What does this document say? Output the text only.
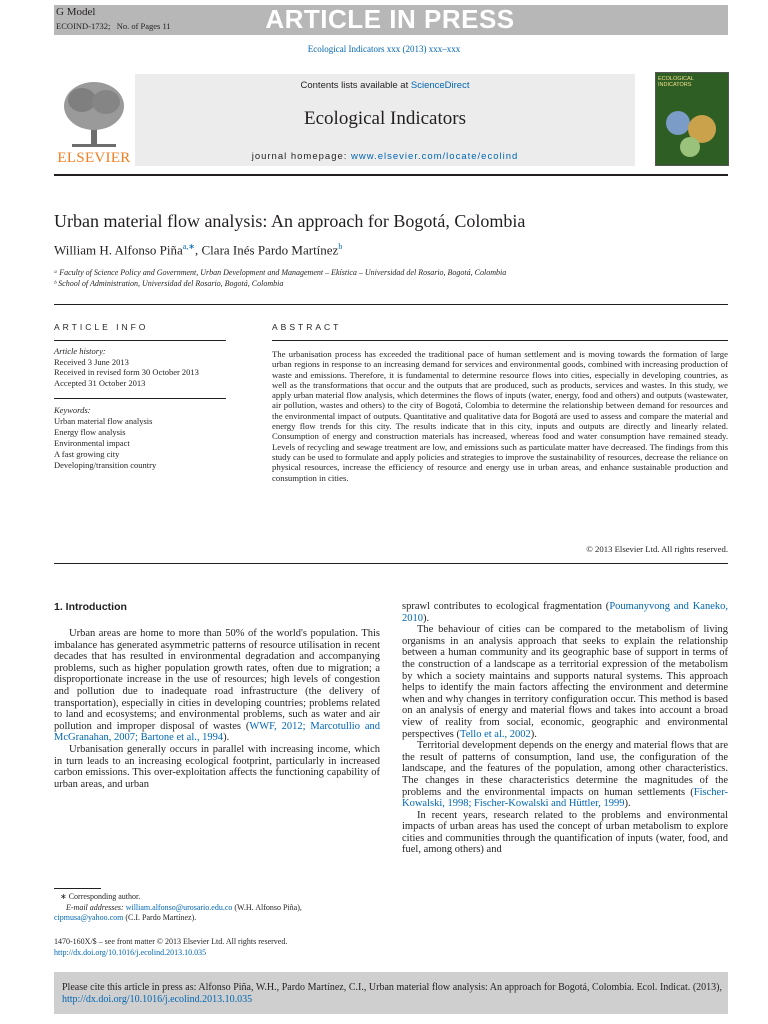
G Model
ECOIND-1732; No. of Pages 11	ARTICLE IN PRESS
Ecological Indicators xxx (2013) xxx–xxx
ELSEVIER
Contents lists available at ScienceDirect
Ecological Indicators
journal homepage: www.elsevier.com/locate/ecolind
ECOLOGICAL INDICATORS
Urban material flow analysis: An approach for Bogotá, Colombia
William H. Alfonso Piña$^{a,∗}$, Clara Inés Pardo Martínez$^b$
ᵃ Faculty of Science Policy and Government, Urban Development and Management – Ekística – Universidad del Rosario, Bogotá, Colombia
ᵇ School of Administration, Universidad del Rosario, Bogotá, Colombia
ARTICLE INFO	ABSTRACT
Article history:
Received 3 June 2013
Received in revised form 30 October 2013
Accepted 31 October 2013
Keywords:
Urban material flow analysis
Energy flow analysis
Environmental impact
A fast growing city
Developing/transition country
The urbanisation process has exceeded the traditional pace of human settlement and is moving towards the formation of large urban regions in response to an increasing demand for services and environmental goods, combined with increasing production of waste and emissions. Therefore, it is fundamental to determine resource flows into cities, especially in developing countries, as well as the transformations that occur and the outputs that are produced, such as products, services and wastes. In this study, we apply urban material flow analysis, which determines the flows of inputs (water, energy, food and others) and outputs (wastewater, air pollution, wastes and others) to the city of Bogotá, Colombia to determine the relationship between demand for resources and the environmental impact of outputs. Quantitative and qualitative data for Bogotá are used to assess and compare the material and energy flow trends for this city. The results indicate that in this city, inputs and outputs are directly and linearly related. Consumption of energy and construction materials has increased, whereas food and water consumption have remained steady. Levels of recycling and sewage treatment are low, and emissions such as particulate matter have decreased. The findings from this study can be used to formulate and apply policies and strategies to improve the sustainability of resources, decrease the reliance on physical resources, increase the efficiency of resource and energy use in urban areas, and enhance sustainable production and consumption in cities.
© 2013 Elsevier Ltd. All rights reserved.
1. Introduction

Urban areas are home to more than 50% of the world's population. This imbalance has generated asymmetric patterns of resource utilisation in recent decades that has resulted in environmental degradation and accompanying problems, such as higher population growth rates, often due to migration; a disproportionate increase in the use of resources; high levels of congestion and pollution due to inadequate road infrastructure (the delivery of transportation), especially in cities in developing countries; problems related to land and ecosystems; and environmental problems, such as water and air pollution and improper disposal of wastes (WWF, 2012; Marcotullio and McGranahan, 2007; Bartone et al., 1994).

Urbanisation generally occurs in parallel with increasing income, which in turn leads to an increasing ecological footprint, particularly in increased carbon emissions. This over-exploitation affects the functioning capability of urban areas, and urban

sprawl contributes to ecological fragmentation (Poumanyvong and Kaneko, 2010).

The behaviour of cities can be compared to the metabolism of living organisms in an analysis approach that seeks to explain the relationship between a human community and its geographic base of support in terms of the construction of a landscape as a territorial expression of the metabolism by which a society maintains and supports natural systems. This approach helps to identify the main factors affecting the environment and determine when and why changes in territory configuration occur. This method is based on an analysis of energy and material flows and takes into account a broad view of reality from social, economic, geographic and environmental perspectives (Tello et al., 2002).

Territorial development depends on the energy and material flows that are the result of patterns of consumption, land use, the configuration of the landscape, and the features of the population, among other characteristics. The changes in these characteristics determine the magnitudes of the problems and the environmental impacts on human settlements (Fischer-Kowalski, 1998; Fischer-Kowalski and Hüttler, 1999).

In recent years, research related to the problems and environmental impacts of urban areas has used the concept of urban metabolism to explore cities and communities through the quantification of inputs (water, food, and fuel, among others) and

∗ Corresponding author.
E-mail addresses: william.alfonso@urosario.edu.co (W.H. Alfonso Piña),
cipmusa@yahoo.com (C.I. Pardo Martínez).
1470-160X/$ – see front matter © 2013 Elsevier Ltd. All rights reserved.
http://dx.doi.org/10.1016/j.ecolind.2013.10.035
Please cite this article in press as: Alfonso Piña, W.H., Pardo Martínez, C.I., Urban material flow analysis: An approach for Bogotá, Colombia. Ecol. Indicat. (2013), http://dx.doi.org/10.1016/j.ecolind.2013.10.035
